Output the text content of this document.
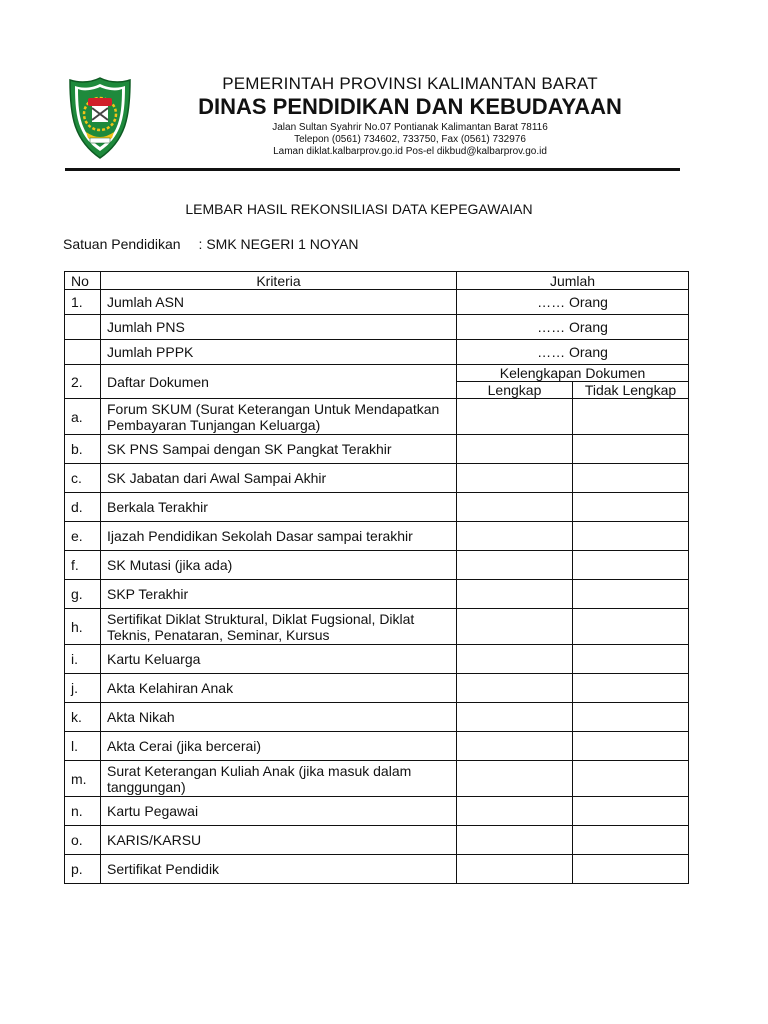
PEMERINTAH PROVINSI KALIMANTAN BARAT
DINAS PENDIDIKAN DAN KEBUDAYAAN
Jalan Sultan Syahrir No.07 Pontianak Kalimantan Barat 78116
Telepon (0561) 734602, 733750, Fax (0561) 732976
Laman diklat.kalbarprov.go.id Pos-el dikbud@kalbarprov.go.id
LEMBAR HASIL REKONSILIASI DATA KEPEGAWAIAN
Satuan Pendidikan : SMK NEGERI 1 NOYAN
No	Kriteria	Jumlah	
1.	Jumlah ASN	…… Orang	
	Jumlah PNS	…… Orang	
	Jumlah PPPK	…… Orang	
2.	Daftar Dokumen	Kelengkapan Dokumen	
		Lengkap	Tidak Lengkap
a.	Forum SKUM (Surat Keterangan Untuk Mendapatkan Pembayaran Tunjangan Keluarga)		
b.	SK PNS Sampai dengan SK Pangkat Terakhir		
c.	SK Jabatan dari Awal Sampai Akhir		
d.	Berkala Terakhir		
e.	Ijazah Pendidikan Sekolah Dasar sampai terakhir		
f.	SK Mutasi (jika ada)		
g.	SKP Terakhir		
h.	Sertifikat Diklat Struktural, Diklat Fugsional, Diklat Teknis, Penataran, Seminar, Kursus		
i.	Kartu Keluarga		
j.	Akta Kelahiran Anak		
k.	Akta Nikah		
l.	Akta Cerai (jika bercerai)		
m.	Surat Keterangan Kuliah Anak (jika masuk dalam tanggungan)		
n.	Kartu Pegawai		
o.	KARIS/KARSU		
p.	Sertifikat Pendidik		
